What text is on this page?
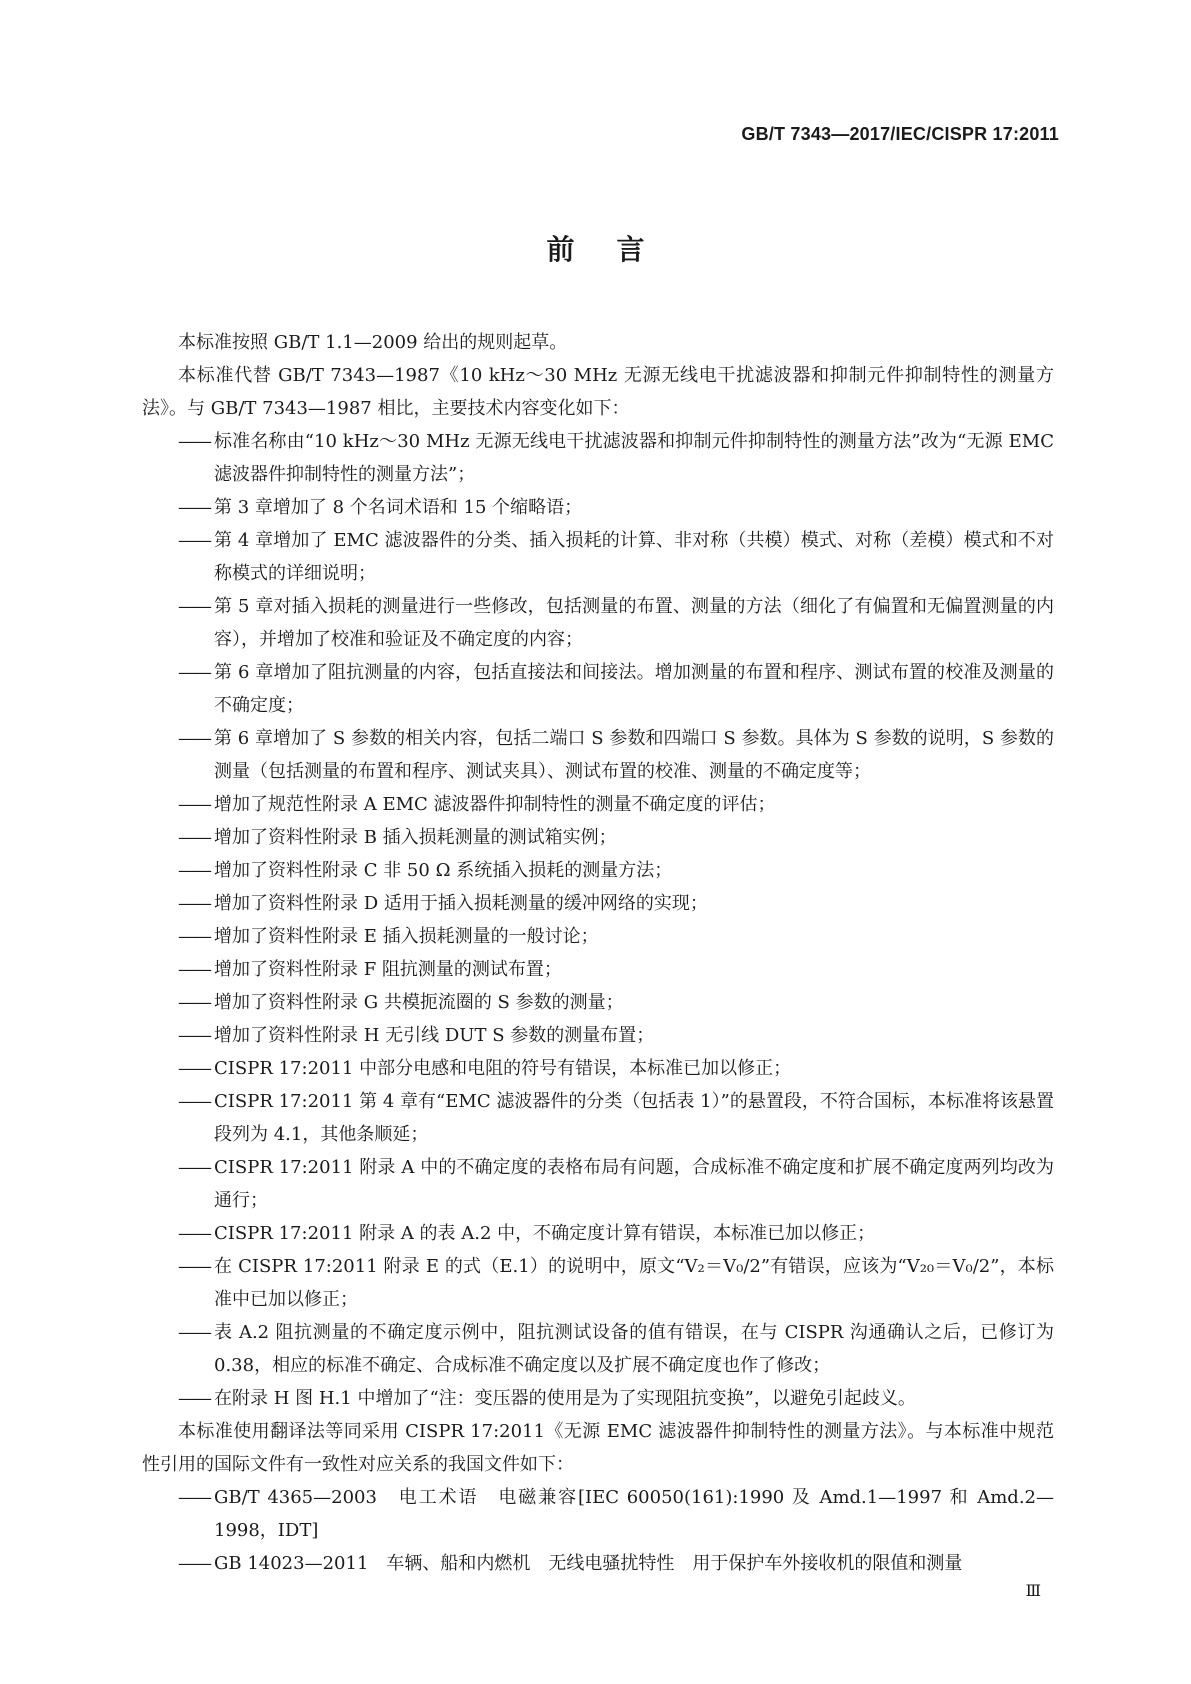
GB/T 7343—2017/IEC/CISPR 17:2011
前言

本标准按照 GB/T 1.1—2009 给出的规则起草。

本标准代替 GB/T 7343—1987《10 kHz～30 MHz 无源无线电干扰滤波器和抑制元件抑制特性的测量方法》。与 GB/T 7343—1987 相比，主要技术内容变化如下：

—— 标准名称由“10 kHz～30 MHz 无源无线电干扰滤波器和抑制元件抑制特性的测量方法”改为“无源 EMC 滤波器件抑制特性的测量方法”；
—— 第 3 章增加了 8 个名词术语和 15 个缩略语；
—— 第 4 章增加了 EMC 滤波器件的分类、插入损耗的计算、非对称（共模）模式、对称（差模）模式和不对称模式的详细说明；
—— 第 5 章对插入损耗的测量进行一些修改，包括测量的布置、测量的方法（细化了有偏置和无偏置测量的内容），并增加了校准和验证及不确定度的内容；
—— 第 6 章增加了阻抗测量的内容，包括直接法和间接法。增加测量的布置和程序、测试布置的校准及测量的不确定度；
—— 第 6 章增加了 S 参数的相关内容，包括二端口 S 参数和四端口 S 参数。具体为 S 参数的说明，S 参数的测量（包括测量的布置和程序、测试夹具）、测试布置的校准、测量的不确定度等；
—— 增加了规范性附录 A EMC 滤波器件抑制特性的测量不确定度的评估；
—— 增加了资料性附录 B 插入损耗测量的测试箱实例；
—— 增加了资料性附录 C 非 50 Ω 系统插入损耗的测量方法；
—— 增加了资料性附录 D 适用于插入损耗测量的缓冲网络的实现；
—— 增加了资料性附录 E 插入损耗测量的一般讨论；
—— 增加了资料性附录 F 阻抗测量的测试布置；
—— 增加了资料性附录 G 共模扼流圈的 S 参数的测量；
—— 增加了资料性附录 H 无引线 DUT S 参数的测量布置；
—— CISPR 17:2011 中部分电感和电阻的符号有错误，本标准已加以修正；
—— CISPR 17:2011 第 4 章有“EMC 滤波器件的分类（包括表 1）”的悬置段，不符合国标，本标准将该悬置段列为 4.1，其他条顺延；
—— CISPR 17:2011 附录 A 中的不确定度的表格布局有问题，合成标准不确定度和扩展不确定度两列均改为通行；
—— CISPR 17:2011 附录 A 的表 A.2 中，不确定度计算有错误，本标准已加以修正；
—— 在 CISPR 17:2011 附录 E 的式（E.1）的说明中，原文“V₂＝V₀/2”有错误，应该为“V₂₀＝V₀/2”，本标准中已加以修正；
—— 表 A.2 阻抗测量的不确定度示例中，阻抗测试设备的值有错误，在与 CISPR 沟通确认之后，已修订为 0.38，相应的标准不确定、合成标准不确定度以及扩展不确定度也作了修改；
—— 在附录 H 图 H.1 中增加了“注：变压器的使用是为了实现阻抗变换”，以避免引起歧义。

本标准使用翻译法等同采用 CISPR 17:2011《无源 EMC 滤波器件抑制特性的测量方法》。与本标准中规范性引用的国际文件有一致性对应关系的我国文件如下：

—— GB/T 4365—2003　电工术语　电磁兼容[IEC 60050(161):1990 及 Amd.1—1997 和 Amd.2—1998，IDT]
—— GB 14023—2011　车辆、船和内燃机　无线电骚扰特性　用于保护车外接收机的限值和测量
Ⅲ
